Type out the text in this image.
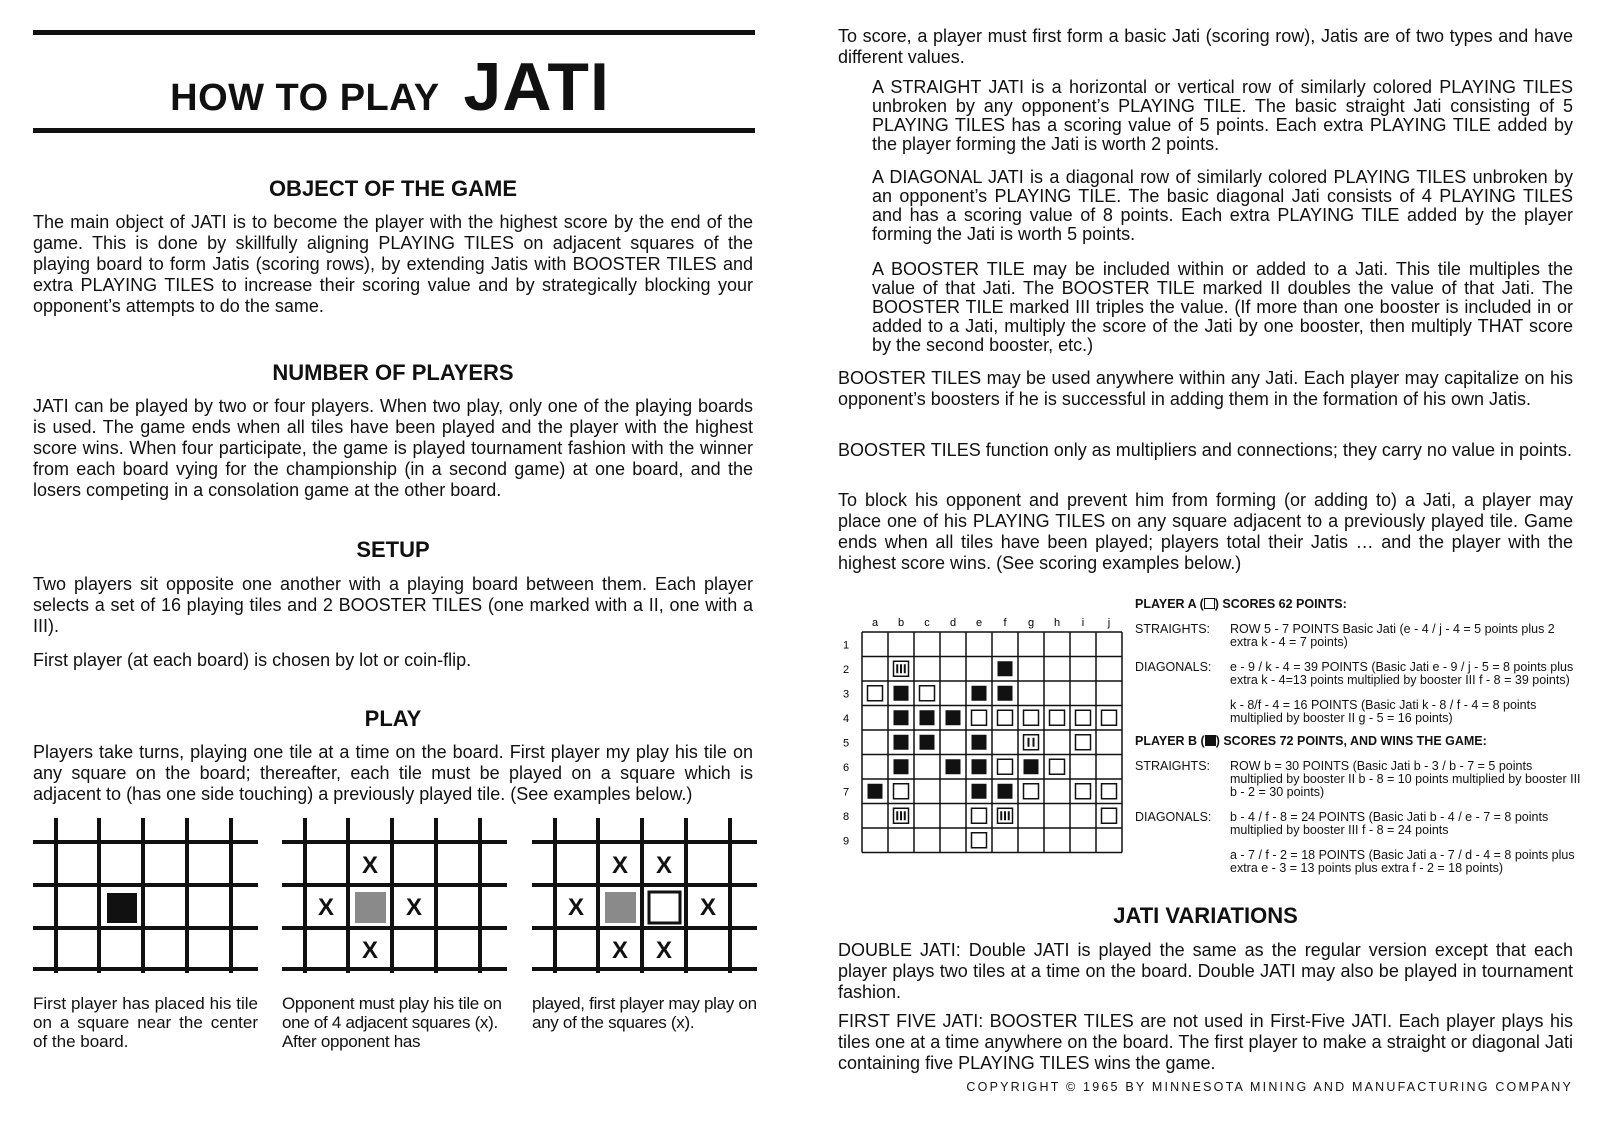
HOW TO PLAY JATI
OBJECT OF THE GAME

The main object of JATI is to become the player with the highest score by the end of the game. This is done by skillfully aligning PLAYING TILES on adjacent squares of the playing board to form Jatis (scoring rows), by extending Jatis with BOOSTER TILES and extra PLAYING TILES to increase their scoring value and by strategically blocking your opponent’s attempts to do the same.

NUMBER OF PLAYERS

JATI can be played by two or four players. When two play, only one of the playing boards is used. The game ends when all tiles have been played and the player with the highest score wins. When four participate, the game is played tournament fashion with the winner from each board vying for the championship (in a second game) at one board, and the losers competing in a consolation game at the other board.

SETUP

Two players sit opposite one another with a playing board between them. Each player selects a set of 16 playing tiles and 2 BOOSTER TILES (one marked with a II, one with a III).

First player (at each board) is chosen by lot or coin-flip.

PLAY

Players take turns, playing one tile at a time on the board. First player my play his tile on any square on the board; thereafter, each tile must be played on a square which is adjacent to (has one side touching) a previously played tile. (See examples below.)

X
X	X
X
X X
X	X
X X

First player has placed his tile on a square near the center of the board.

Opponent must play his tile on one of 4 adjacent squares (x). After opponent has

played, first player may play on any of the squares (x).

To score, a player must first form a basic Jati (scoring row), Jatis are of two types and have different values.

A STRAIGHT JATI is a horizontal or vertical row of similarly colored PLAYING TILES unbroken by any opponent’s PLAYING TILE. The basic straight Jati consisting of 5 PLAYING TILES has a scoring value of 5 points. Each extra PLAYING TILE added by the player forming the Jati is worth 2 points.

A DIAGONAL JATI is a diagonal row of similarly colored PLAYING TILES unbroken by an opponent’s PLAYING TILE. The basic diagonal Jati consists of 4 PLAYING TILES and has a scoring value of 8 points. Each extra PLAYING TILE added by the player forming the Jati is worth 5 points.

A BOOSTER TILE may be included within or added to a Jati. This tile multiples the value of that Jati. The BOOSTER TILE marked II doubles the value of that Jati. The BOOSTER TILE marked III triples the value. (If more than one booster is included in or added to a Jati, multiply the score of the Jati by one booster, then multiply THAT score by the second booster, etc.)

BOOSTER TILES may be used anywhere within any Jati. Each player may capitalize on his opponent’s boosters if he is successful in adding them in the formation of his own Jatis.

BOOSTER TILES function only as multipliers and connections; they carry no value in points.

To block his opponent and prevent him from forming (or adding to) a Jati, a player may place one of his PLAYING TILES on any square adjacent to a previously played tile. Game ends when all tiles have been played; players total their Jatis … and the player with the highest score wins. (See scoring examples below.)

a b c d e f g h i j
1
2
3
4
5
6
7
8
9

PLAYER A ( ) SCORES 62 POINTS:

STRAIGHTS:	ROW 5 - 7 POINTS Basic Jati (e - 4 / j - 4 = 5 points plus 2 extra k - 4 = 7 points)
DIAGONALS:	e - 9 / k - 4 = 39 POINTS (Basic Jati e - 9 / j - 5 = 8 points plus extra k - 4=13 points multiplied by booster III f - 8 = 39 points)
k - 8/f - 4 = 16 POINTS (Basic Jati k - 8 / f - 4 = 8 points multiplied by booster II g - 5 = 16 points)

PLAYER B ( ) SCORES 72 POINTS, AND WINS THE GAME:

STRAIGHTS:	ROW b = 30 POINTS (Basic Jati b - 3 / b - 7 = 5 points multiplied by booster II b - 8 = 10 points multiplied by booster III b - 2 = 30 points)
DIAGONALS:	b - 4 / f - 8 = 24 POINTS (Basic Jati b - 4 / e - 7 = 8 points multiplied by booster III f - 8 = 24 points
a - 7 / f - 2 = 18 POINTS (Basic Jati a - 7 / d - 4 = 8 points plus extra e - 3 = 13 points plus extra f - 2 = 18 points)
JATI VARIATIONS

DOUBLE JATI: Double JATI is played the same as the regular version except that each player plays two tiles at a time on the board. Double JATI may also be played in tournament fashion.

FIRST FIVE JATI: BOOSTER TILES are not used in First-Five JATI. Each player plays his tiles one at a time anywhere on the board. The first player to make a straight or diagonal Jati containing five PLAYING TILES wins the game.

COPYRIGHT © 1965 BY MINNESOTA MINING AND MANUFACTURING COMPANY
